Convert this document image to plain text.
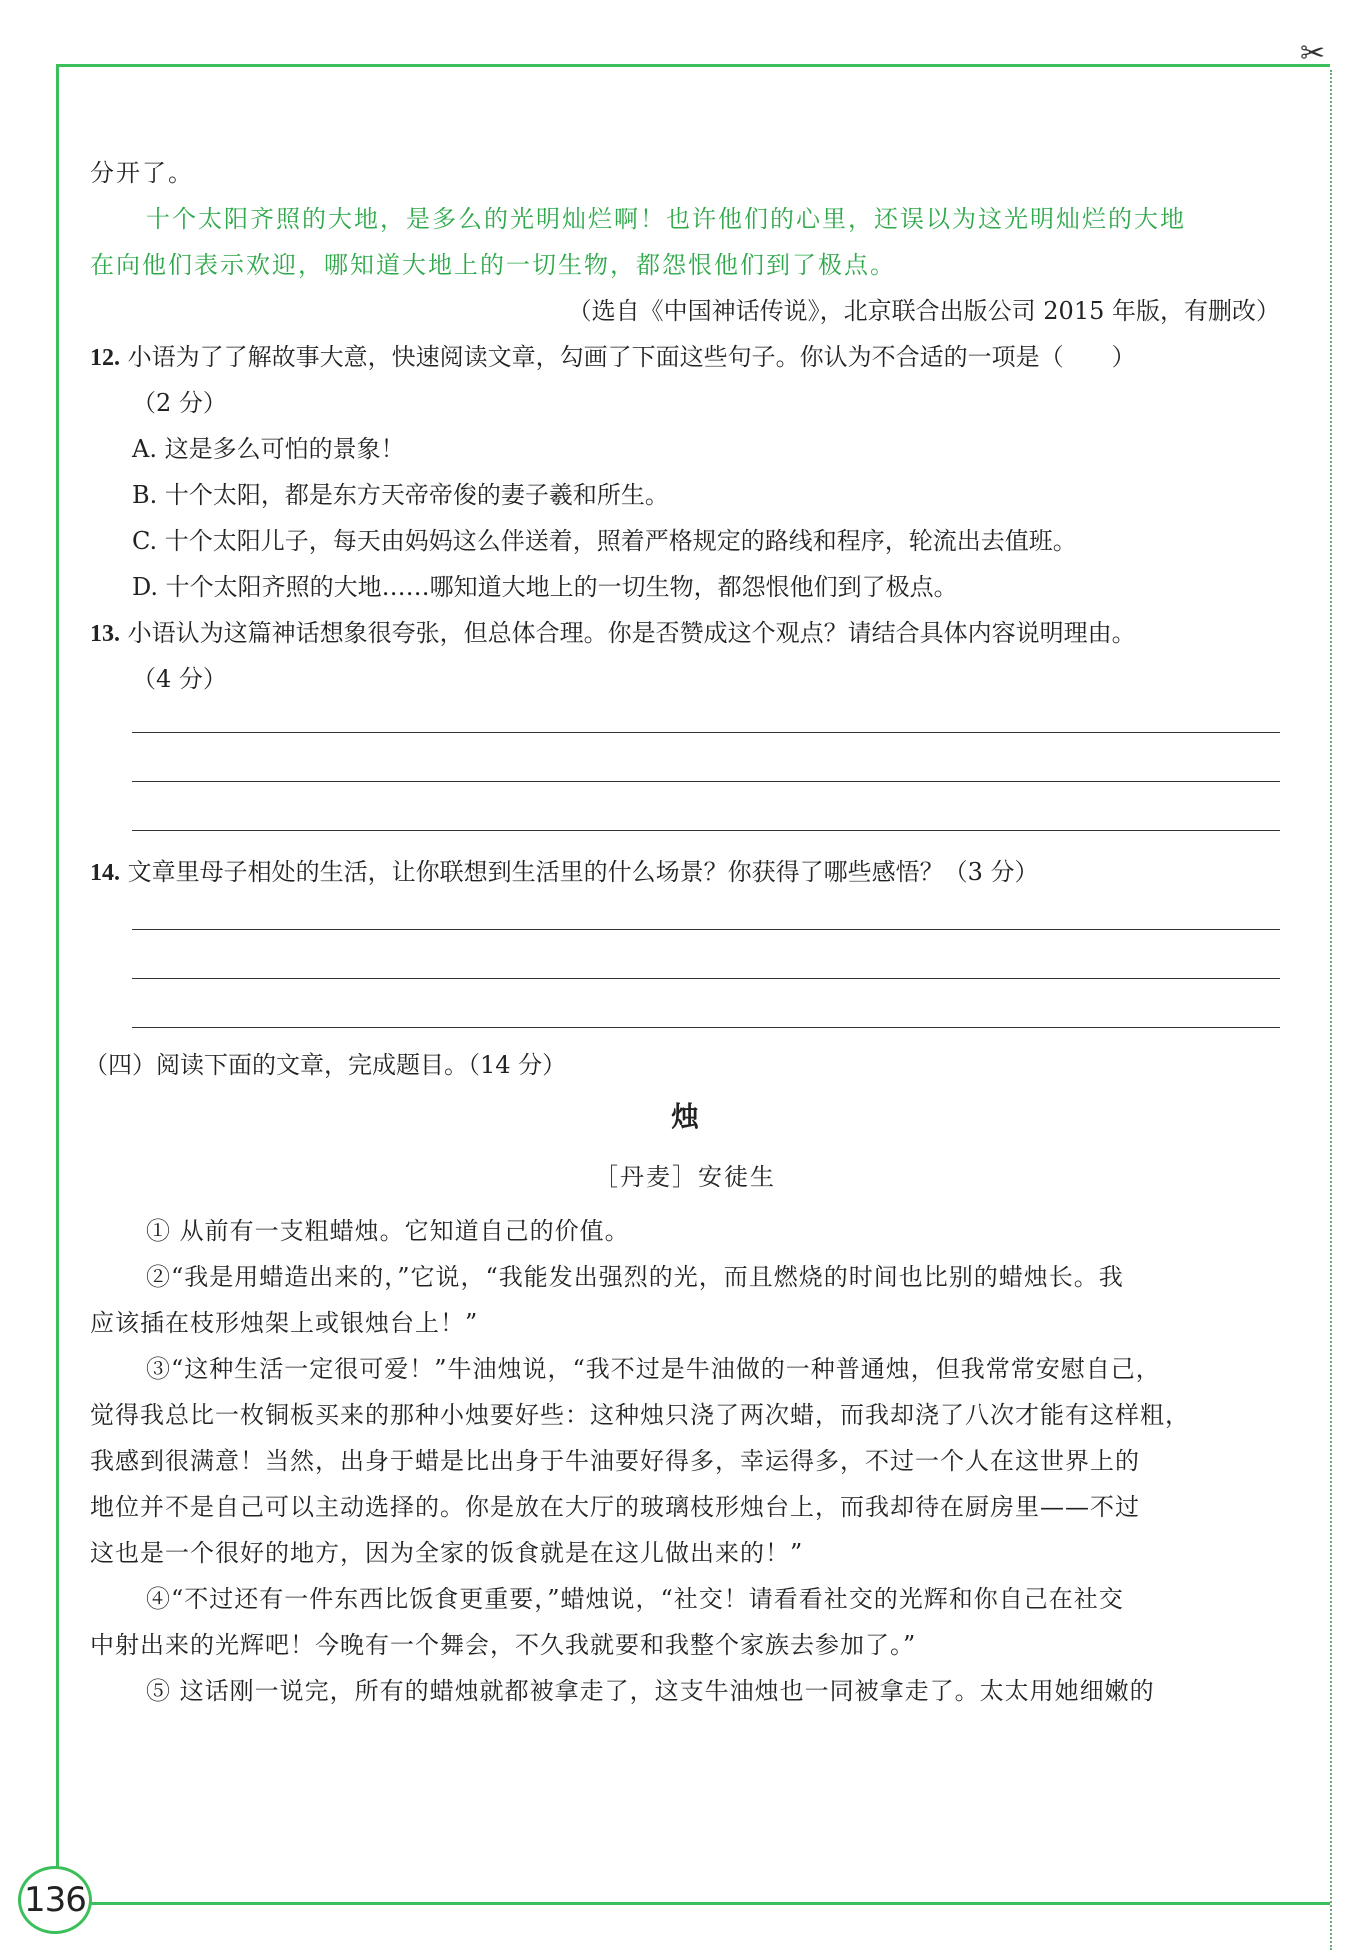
✂
136
分开了。
十个太阳齐照的大地，是多么的光明灿烂啊！也许他们的心里，还误以为这光明灿烂的大地
在向他们表示欢迎，哪知道大地上的一切生物，都怨恨他们到了极点。
（选自《中国神话传说》，北京联合出版公司 2015 年版，有删改）
12. 小语为了了解故事大意，快速阅读文章，勾画了下面这些句子。你认为不合适的一项是（　　）
（2 分）
A. 这是多么可怕的景象！
B. 十个太阳，都是东方天帝帝俊的妻子羲和所生。
C. 十个太阳儿子，每天由妈妈这么伴送着，照着严格规定的路线和程序，轮流出去值班。
D. 十个太阳齐照的大地……哪知道大地上的一切生物，都怨恨他们到了极点。
13. 小语认为这篇神话想象很夸张，但总体合理。你是否赞成这个观点？请结合具体内容说明理由。
（4 分）
14. 文章里母子相处的生活，让你联想到生活里的什么场景？你获得了哪些感悟？（3 分）
（四）阅读下面的文章，完成题目。（14 分）
烛
［丹麦］安徒生
① 从前有一支粗蜡烛。它知道自己的价值。
②“我是用蜡造出来的，”它说，“我能发出强烈的光，而且燃烧的时间也比别的蜡烛长。我
应该插在枝形烛架上或银烛台上！”
③“这种生活一定很可爱！”牛油烛说，“我不过是牛油做的一种普通烛，但我常常安慰自己，
觉得我总比一枚铜板买来的那种小烛要好些：这种烛只浇了两次蜡，而我却浇了八次才能有这样粗，
我感到很满意！当然，出身于蜡是比出身于牛油要好得多，幸运得多，不过一个人在这世界上的
地位并不是自己可以主动选择的。你是放在大厅的玻璃枝形烛台上，而我却待在厨房里——不过
这也是一个很好的地方，因为全家的饭食就是在这儿做出来的！”
④“不过还有一件东西比饭食更重要，”蜡烛说，“社交！请看看社交的光辉和你自己在社交
中射出来的光辉吧！今晚有一个舞会，不久我就要和我整个家族去参加了。”
⑤ 这话刚一说完，所有的蜡烛就都被拿走了，这支牛油烛也一同被拿走了。太太用她细嫩的
